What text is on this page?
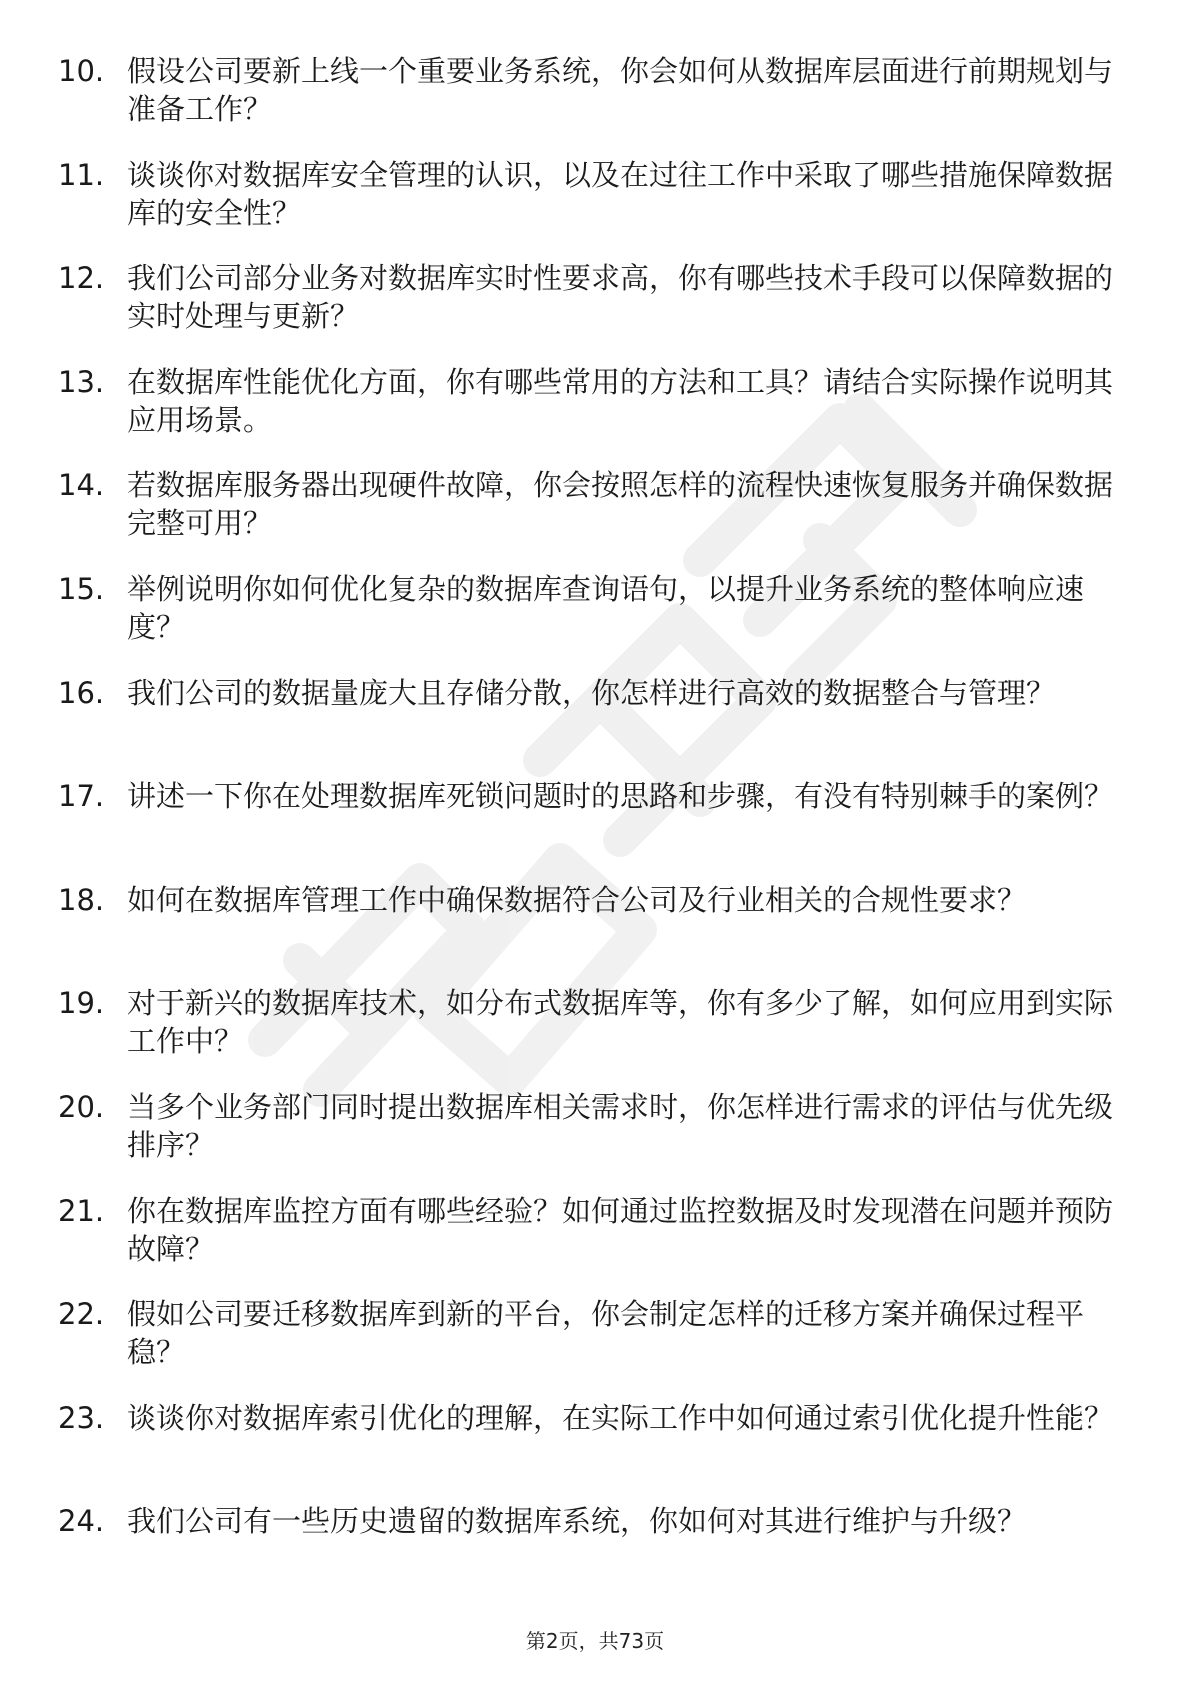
10. 假设公司要新上线一个重要业务系统，你会如何从数据库层面进行前期规划与准备工作？
11. 谈谈你对数据库安全管理的认识，以及在过往工作中采取了哪些措施保障数据库的安全性？
12. 我们公司部分业务对数据库实时性要求高，你有哪些技术手段可以保障数据的实时处理与更新？
13. 在数据库性能优化方面，你有哪些常用的方法和工具？请结合实际操作说明其应用场景。
14. 若数据库服务器出现硬件故障，你会按照怎样的流程快速恢复服务并确保数据完整可用？
15. 举例说明你如何优化复杂的数据库查询语句，以提升业务系统的整体响应速度？
16. 我们公司的数据量庞大且存储分散，你怎样进行高效的数据整合与管理？
17. 讲述一下你在处理数据库死锁问题时的思路和步骤，有没有特别棘手的案例？
18. 如何在数据库管理工作中确保数据符合公司及行业相关的合规性要求？
19. 对于新兴的数据库技术，如分布式数据库等，你有多少了解，如何应用到实际工作中？
20. 当多个业务部门同时提出数据库相关需求时，你怎样进行需求的评估与优先级排序？
21. 你在数据库监控方面有哪些经验？如何通过监控数据及时发现潜在问题并预防故障？
22. 假如公司要迁移数据库到新的平台，你会制定怎样的迁移方案并确保过程平稳？
23. 谈谈你对数据库索引优化的理解，在实际工作中如何通过索引优化提升性能？
24. 我们公司有一些历史遗留的数据库系统，你如何对其进行维护与升级？
第2页，共73页
